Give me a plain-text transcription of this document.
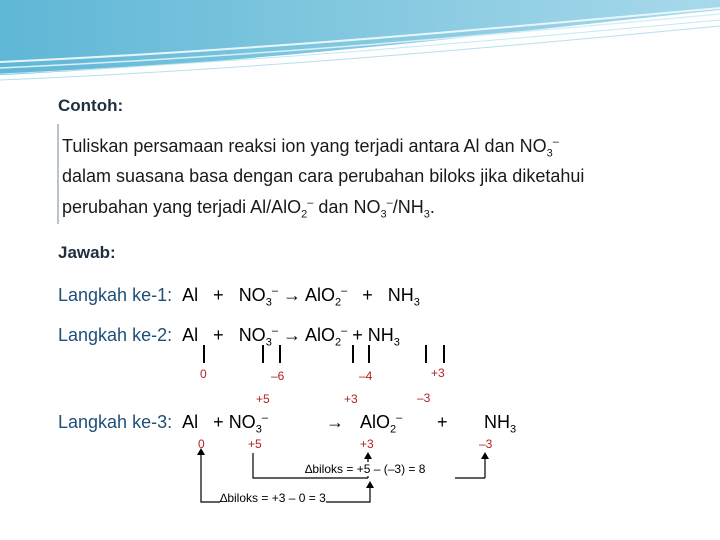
Contoh:
Tuliskan persamaan reaksi ion yang terjadi antara Al dan $NO_3^-$
dalam suasana basa dengan cara perubahan biloks jika diketahui
perubahan yang terjadi Al/AlO$_2$– dan $NO_3^-/NH_3$.
Jawab:
Langkah ke-1: $Al + NO_3^- \to AlO_2^- + NH_3$
Langkah ke-2: $Al + NO_3^- \to AlO_2^- + NH_3$
0	–6
+5
–4
+3
+3
–3
Langkah ke-3: $Al + NO_3^-$	→ $AlO_2^- + NH_3$
0	+5	+3	–3
∆biloks = +5 – (–3) = 8
∆biloks = +3 – 0 = 3
